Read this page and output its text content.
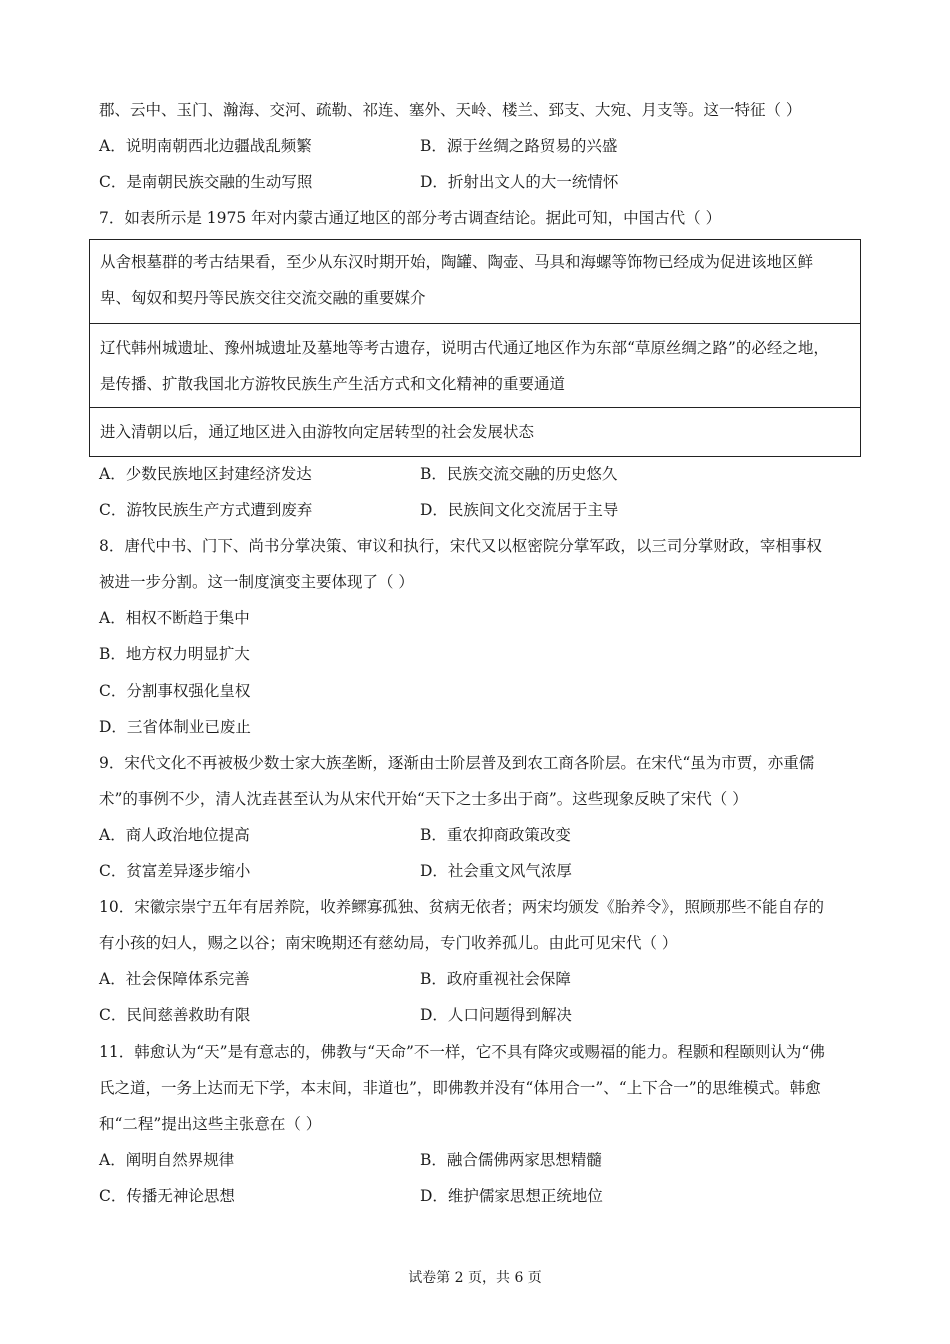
郡、云中、玉门、瀚海、交河、疏勒、祁连、塞外、天岭、楼兰、郅支、大宛、月支等。这一特征（ ）
A．说明南朝西北边疆战乱频繁	B．源于丝绸之路贸易的兴盛
C．是南朝民族交融的生动写照	D．折射出文人的大一统情怀
7．如表所示是 1975 年对内蒙古通辽地区的部分考古调查结论。据此可知，中国古代（ ）
从舍根墓群的考古结果看，至少从东汉时期开始，陶罐、陶壶、马具和海螺等饰物已经成为促进该地区鲜
卑、匈奴和契丹等民族交往交流交融的重要媒介
辽代韩州城遗址、豫州城遗址及墓地等考古遗存，说明古代通辽地区作为东部“草原丝绸之路”的必经之地，
是传播、扩散我国北方游牧民族生产生活方式和文化精神的重要通道
进入清朝以后，通辽地区进入由游牧向定居转型的社会发展状态
A．少数民族地区封建经济发达	B．民族交流交融的历史悠久
C．游牧民族生产方式遭到废弃	D．民族间文化交流居于主导
8．唐代中书、门下、尚书分掌决策、审议和执行，宋代又以枢密院分掌军政，以三司分掌财政，宰相事权
被进一步分割。这一制度演变主要体现了（ ）
A．相权不断趋于集中
B．地方权力明显扩大
C．分割事权强化皇权
D．三省体制业已废止
9．宋代文化不再被极少数士家大族垄断，逐渐由士阶层普及到农工商各阶层。在宋代“虽为市贾，亦重儒
术”的事例不少，清人沈垚甚至认为从宋代开始“天下之士多出于商”。这些现象反映了宋代（ ）
A．商人政治地位提高	B．重农抑商政策改变
C．贫富差异逐步缩小	D．社会重文风气浓厚
10．宋徽宗崇宁五年有居养院，收养鳏寡孤独、贫病无依者；两宋均颁发《胎养令》，照顾那些不能自存的
有小孩的妇人，赐之以谷；南宋晚期还有慈幼局，专门收养孤儿。由此可见宋代（ ）
A．社会保障体系完善	B．政府重视社会保障
C．民间慈善救助有限	D．人口问题得到解决
11．韩愈认为“天”是有意志的，佛教与“天命”不一样，它不具有降灾或赐福的能力。程颢和程颐则认为“佛
氏之道，一务上达而无下学，本末间，非道也”，即佛教并没有“体用合一”、“上下合一”的思维模式。韩愈
和“二程”提出这些主张意在（ ）
A．阐明自然界规律	B．融合儒佛两家思想精髓
C．传播无神论思想	D．维护儒家思想正统地位
试卷第 2 页，共 6 页
